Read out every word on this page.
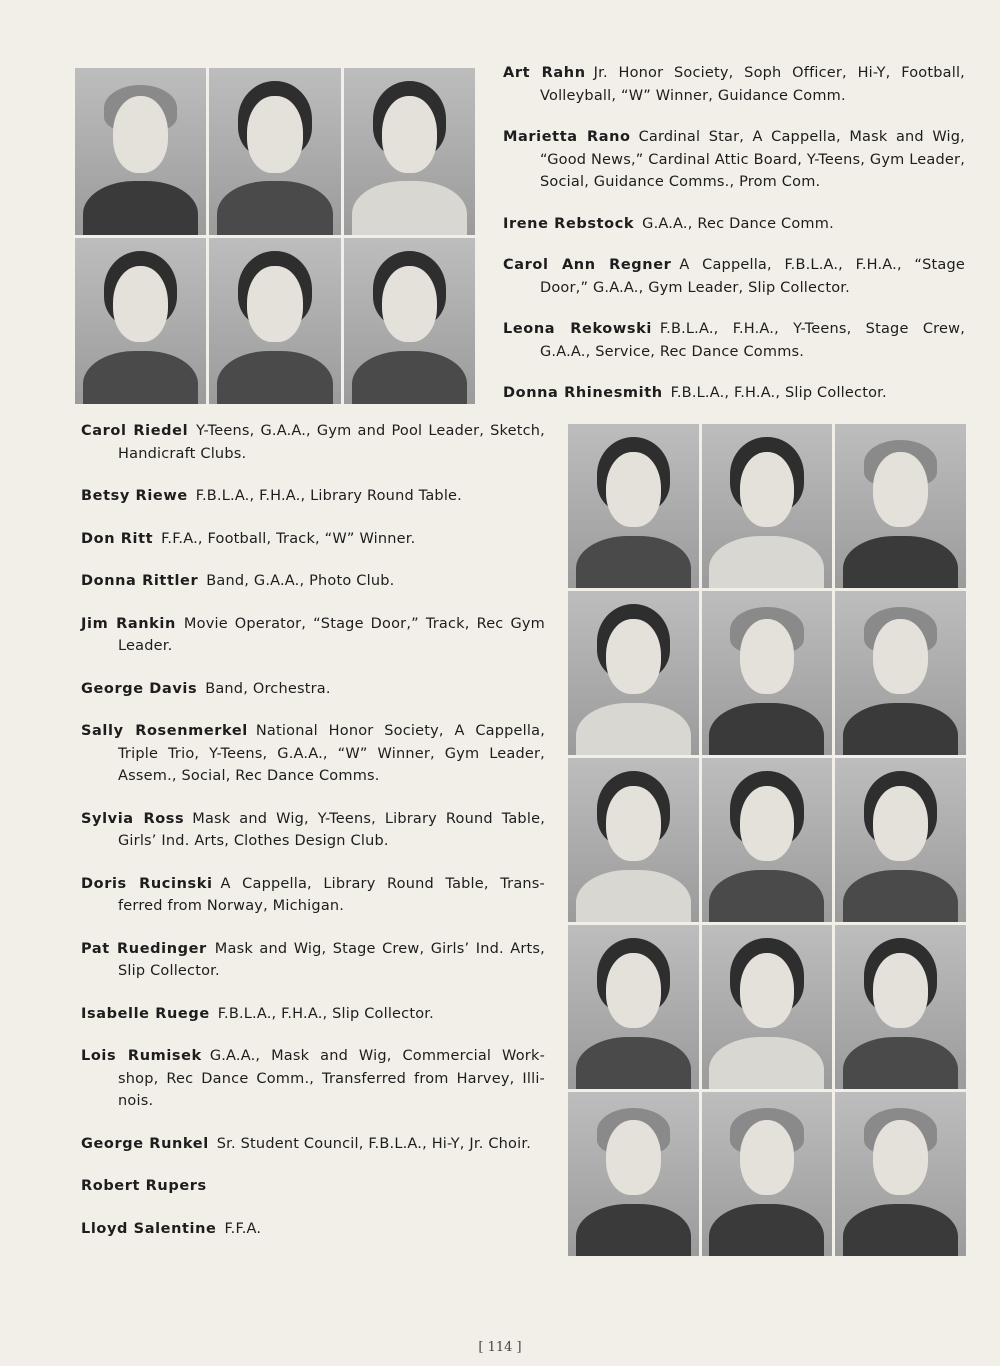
Art Rahn Jr. Honor Society, Soph Officer, Hi-Y, Football, Volleyball, “W” Winner, Guidance Comm.

Marietta Rano Cardinal Star, A Cappella, Mask and Wig, “Good News,” Cardinal Attic Board, Y-Teens, Gym Leader, Social, Guidance Comms., Prom Com.

Irene Rebstock G.A.A., Rec Dance Comm.

Carol Ann Regner A Cappella, F.B.L.A., F.H.A., “Stage Door,” G.A.A., Gym Leader, Slip Collector.

Leona Rekowski F.B.L.A., F.H.A., Y-Teens, Stage Crew, G.A.A., Service, Rec Dance Comms.

Donna Rhinesmith F.B.L.A., F.H.A., Slip Collector.

Carol Riedel Y-Teens, G.A.A., Gym and Pool Leader, Sketch, Handicraft Clubs.

Betsy Riewe F.B.L.A., F.H.A., Library Round Table.

Don Ritt F.F.A., Football, Track, “W” Winner.

Donna Rittler Band, G.A.A., Photo Club.

Jim Rankin Movie Operator, “Stage Door,” Track, Rec Gym Leader.

George Davis Band, Orchestra.

Sally Rosenmerkel National Honor Society, A Cappella, Triple Trio, Y-Teens, G.A.A., “W” Winner, Gym Leader, Assem., Social, Rec Dance Comms.

Sylvia Ross Mask and Wig, Y-Teens, Library Round Table, Girls’ Ind. Arts, Clothes Design Club.

Doris Rucinski A Cappella, Library Round Table, Trans-ferred from Norway, Michigan.

Pat Ruedinger Mask and Wig, Stage Crew, Girls’ Ind. Arts, Slip Collector.

Isabelle Ruege F.B.L.A., F.H.A., Slip Collector.

Lois Rumisek G.A.A., Mask and Wig, Commercial Work-shop, Rec Dance Comm., Transferred from Harvey, Illi-nois.

George Runkel Sr. Student Council, F.B.L.A., Hi-Y, Jr. Choir.

Robert Rupers

Lloyd Salentine F.F.A.

[ 114 ]
